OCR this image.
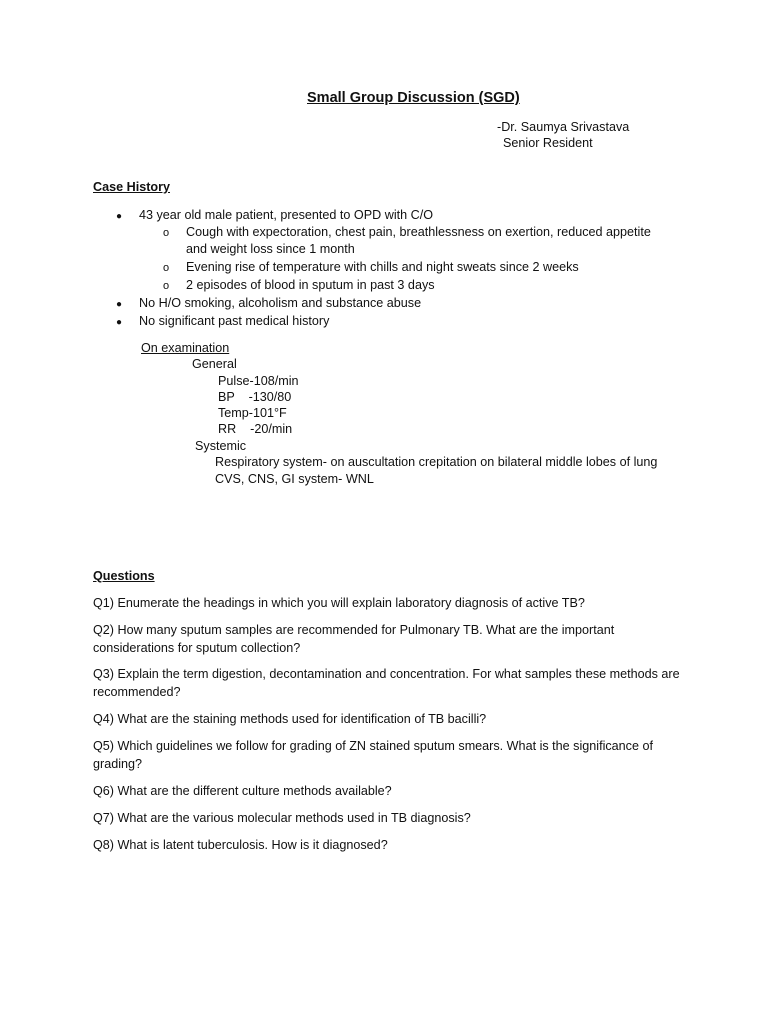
Small Group Discussion (SGD)
-Dr. Saumya Srivastava
Senior Resident
Case History
● 43 year old male patient, presented to OPD with C/O
o Cough with expectoration, chest pain, breathlessness on exertion, reduced appetite
and weight loss since 1 month
o Evening rise of temperature with chills and night sweats since 2 weeks
o 2 episodes of blood in sputum in past 3 days
● No H/O smoking, alcoholism and substance abuse
● No significant past medical history
On examination
General
Pulse-108/min
BP    -130/80
Temp-101°F
RR    -20/min
Systemic
Respiratory system- on auscultation crepitation on bilateral middle lobes of lung
CVS, CNS, GI system- WNL
Questions
Q1) Enumerate the headings in which you will explain laboratory diagnosis of active TB?
Q2) How many sputum samples are recommended for Pulmonary TB. What are the important considerations for sputum collection?
Q3) Explain the term digestion, decontamination and concentration. For what samples these methods are recommended?
Q4) What are the staining methods used for identification of TB bacilli?
Q5) Which guidelines we follow for grading of ZN stained sputum smears. What is the significance of grading?
Q6) What are the different culture methods available?
Q7) What are the various molecular methods used in TB diagnosis?
Q8) What is latent tuberculosis. How is it diagnosed?
